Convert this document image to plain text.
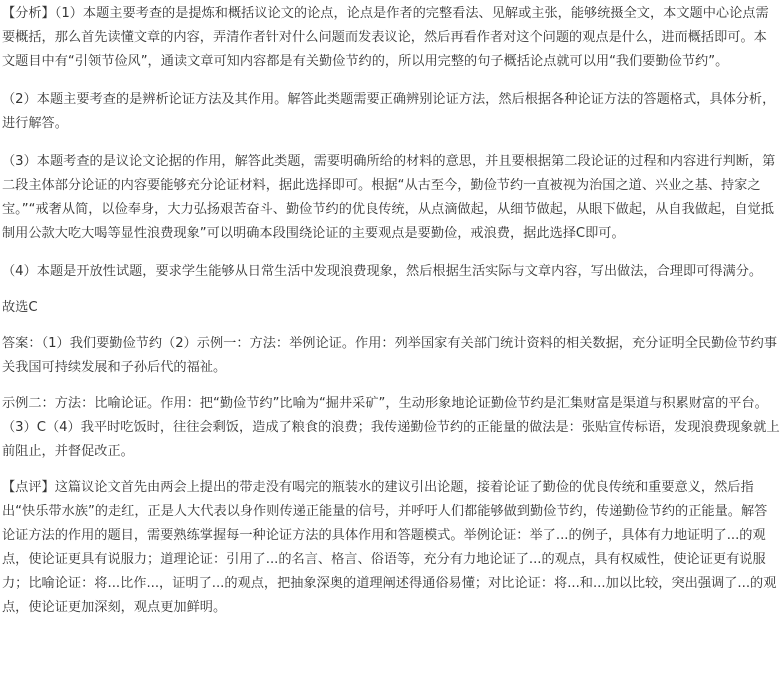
【分析】（1）本题主要考查的是提炼和概括议论文的论点，论点是作者的完整看法、见解或主张，能够统摄全文，本文题中心论点需要概括，那么首先读懂文章的内容，弄清作者针对什么问题而发表议论，然后再看作者对这个问题的观点是什么，进而概括即可。本文题目中有“引领节俭风”，通读文章可知内容都是有关勤俭节约的，所以用完整的句子概括论点就可以用“我们要勤俭节约”。

（2）本题主要考查的是辨析论证方法及其作用。解答此类题需要正确辨别论证方法，然后根据各种论证方法的答题格式，具体分析，进行解答。

（3）本题考查的是议论文论据的作用，解答此类题，需要明确所给的材料的意思，并且要根据第二段论证的过程和内容进行判断，第二段主体部分论证的内容要能够充分论证材料，据此选择即可。根据“从古至今，勤俭节约一直被视为治国之道、兴业之基、持家之宝。”“戒奢从简，以俭奉身，大力弘扬艰苦奋斗、勤俭节约的优良传统，从点滴做起，从细节做起，从眼下做起，从自我做起，自觉抵制用公款大吃大喝等显性浪费现象”可以明确本段围绕论证的主要观点是要勤俭，戒浪费，据此选择C即可。

（4）本题是开放性试题，要求学生能够从日常生活中发现浪费现象，然后根据生活实际与文章内容，写出做法，合理即可得满分。

故选C

答案：（1）我们要勤俭节约（2）示例一：方法：举例论证。作用：列举国家有关部门统计资料的相关数据，充分证明全民勤俭节约事关我国可持续发展和子孙后代的福祉。

示例二：方法：比喻论证。作用：把“勤俭节约”比喻为“掘井采矿”，生动形象地论证勤俭节约是汇集财富是渠道与积累财富的平台。（3）C（4）我平时吃饭时，往往会剩饭，造成了粮食的浪费；我传递勤俭节约的正能量的做法是：张贴宣传标语，发现浪费现象就上前阻止，并督促改正。

【点评】这篇议论文首先由两会上提出的带走没有喝完的瓶装水的建议引出论题，接着论证了勤俭的优良传统和重要意义，然后指出“快乐带水族”的走红，正是人大代表以身作则传递正能量的信号，并呼吁人们都能够做到勤俭节约，传递勤俭节约的正能量。解答论证方法的作用的题目，需要熟练掌握每一种论证方法的具体作用和答题模式。举例论证：举了...的例子，具体有力地证明了...的观点，使论证更具有说服力；道理论证：引用了...的名言、格言、俗语等，充分有力地论证了...的观点，具有权威性，使论证更有说服力；比喻论证：将...比作...，证明了...的观点，把抽象深奥的道理阐述得通俗易懂；对比论证：将...和...加以比较，突出强调了...的观点，使论证更加深刻，观点更加鲜明。
